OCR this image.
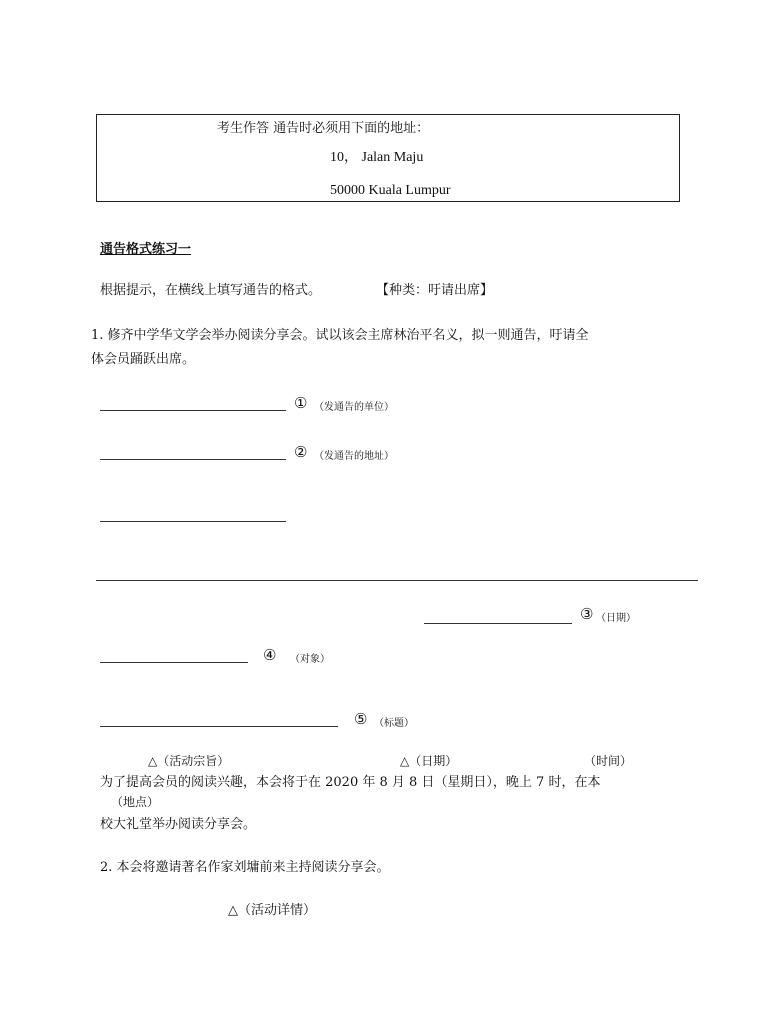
考生作答 通告时必须用下面的地址：
10， Jalan Maju
50000 Kuala Lumpur
通告格式练习一
根据提示，在横线上填写通告的格式。	【种类：吁请出席】
1. 修齐中学华文学会举办阅读分享会。试以该会主席林治平名义，拟一则通告，吁请全
体会员踊跃出席。
① （发通告的单位）
② （发通告的地址）
③ （日期）
④ （对象）
⑤ （标题）
△（活动宗旨）	△（日期）	（时间）
为了提高会员的阅读兴趣，本会将于在 2020 年 8 月 8 日（星期日），晚上 7 时，在本
（地点）
校大礼堂举办阅读分享会。
2. 本会将邀请著名作家刘墉前来主持阅读分享会。
△（活动详情）
